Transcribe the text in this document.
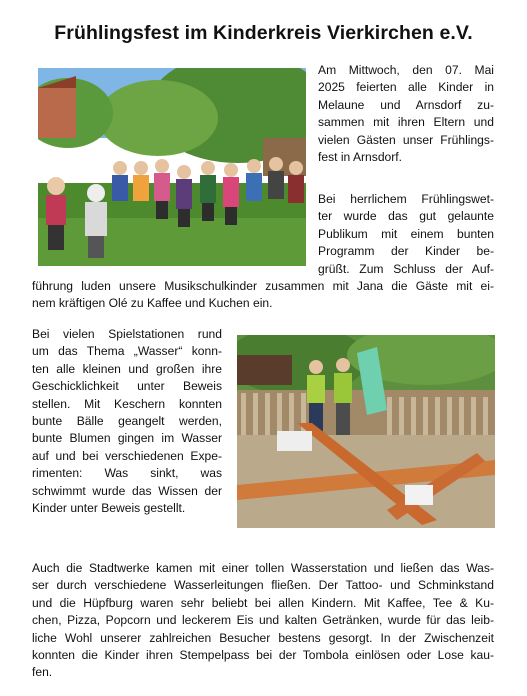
Frühlingsfest im Kinderkreis Vierkirchen e.V.
Am Mittwoch, den 07. Mai
2025 feierten alle Kinder in
Melaune und Arnsdorf zu-
sammen mit ihren Eltern und
vielen Gästen unser Frühlings-
fest in Arnsdorf.
Bei herrlichem Frühlingswet-
ter wurde das gut gelaunte
Publikum mit einem bunten
Programm der Kinder be-
grüßt. Zum Schluss der Auf-
führung luden unsere Musikschulkinder zusammen mit Jana die Gäste mit ei-
nem kräftigen Olé zu Kaffee und Kuchen ein.
Bei vielen Spielstationen rund
um das Thema „Wasser“ konn-
ten alle kleinen und großen ihre
Geschicklichkeit unter Beweis
stellen. Mit Keschern konnten
bunte Bälle geangelt werden,
bunte Blumen gingen im Wasser
auf und bei verschiedenen Expe-
rimenten: Was sinkt, was
schwimmt wurde das Wissen der
Kinder unter Beweis gestellt.
Auch die Stadtwerke kamen mit einer tollen Wasserstation und ließen das Was-
ser durch verschiedene Wasserleitungen fließen. Der Tattoo- und Schminkstand
und die Hüpfburg waren sehr beliebt bei allen Kindern. Mit Kaffee, Tee & Ku-
chen, Pizza, Popcorn und leckerem Eis und kalten Getränken, wurde für das leib-
liche Wohl unserer zahlreichen Besucher bestens gesorgt. In der Zwischenzeit
konnten die Kinder ihren Stempelpass bei der Tombola einlösen oder Lose kau-
fen.
